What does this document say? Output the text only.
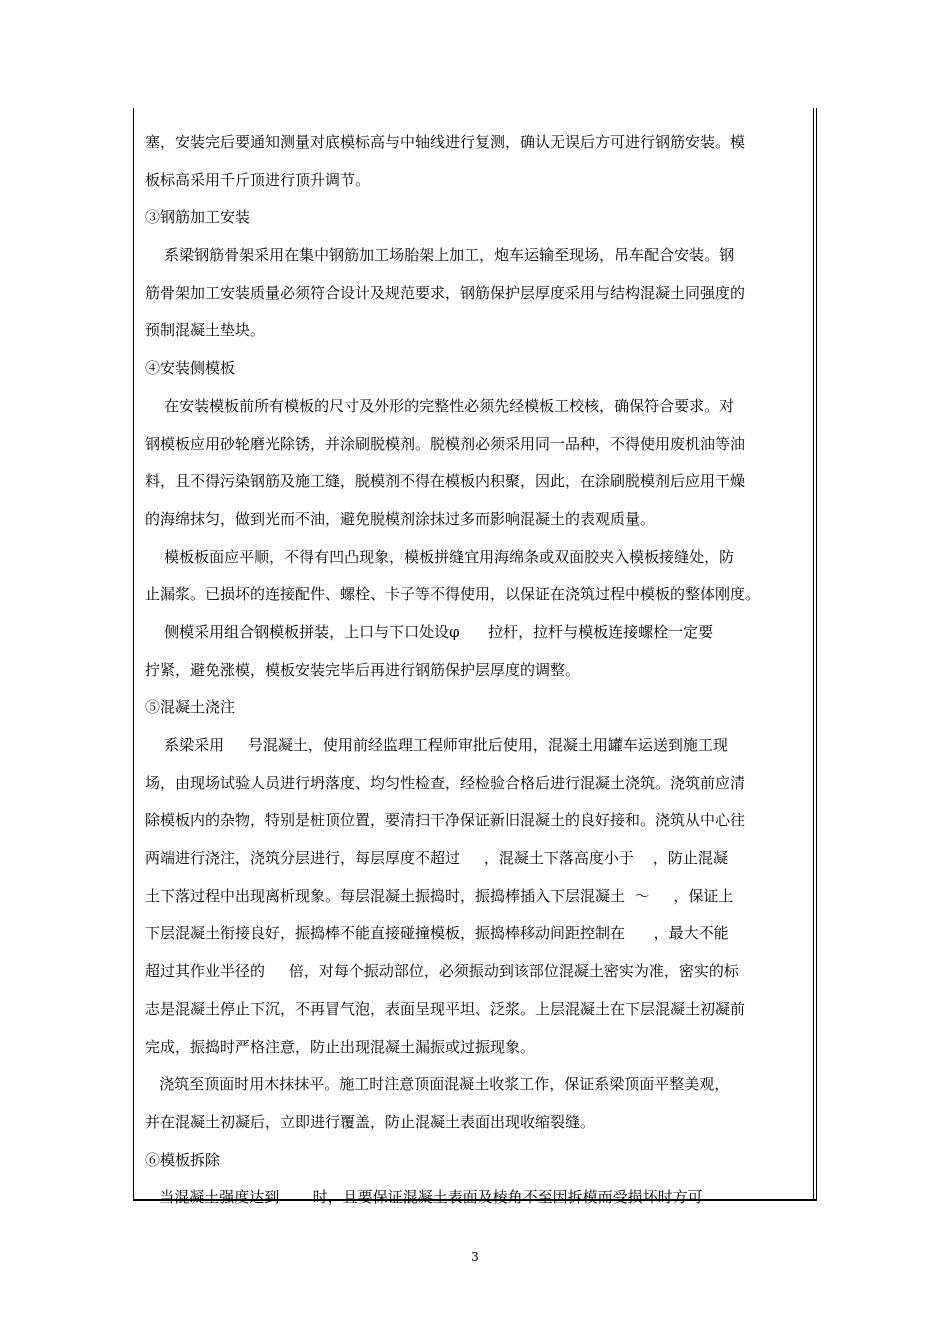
塞，安装完后要通知测量对底模标高与中轴线进行复测，确认无误后方可进行钢筋安装。模
板标高采用千斤顶进行顶升调节。
③钢筋加工安装
系梁钢筋骨架采用在集中钢筋加工场胎架上加工，炮车运输至现场，吊车配合安装。钢
筋骨架加工安装质量必须符合设计及规范要求，钢筋保护层厚度采用与结构混凝土同强度的
预制混凝土垫块。
④安装侧模板
在安装模板前所有模板的尺寸及外形的完整性必须先经模板工校核，确保符合要求。对
钢模板应用砂轮磨光除锈，并涂刷脱模剂。脱模剂必须采用同一品种，不得使用废机油等油
料，且不得污染钢筋及施工缝，脱模剂不得在模板内积聚，因此，在涂刷脱模剂后应用干燥
的海绵抹匀，做到光而不油，避免脱模剂涂抹过多而影响混凝土的表观质量。
模板板面应平顺，不得有凹凸现象，模板拼缝宜用海绵条或双面胶夹入模板接缝处，防
止漏浆。已损坏的连接配件、螺栓、卡子等不得使用，以保证在浇筑过程中模板的整体刚度。
侧模采用组合钢模板拼装，上口与下口处设φ      拉杆，拉杆与模板连接螺栓一定要
拧紧，避免涨模，模板安装完毕后再进行钢筋保护层厚度的调整。
⑤混凝土浇注
系梁采用     号混凝土，使用前经监理工程师审批后使用，混凝土用罐车运送到施工现
场，由现场试验人员进行坍落度、均匀性检查，经检验合格后进行混凝土浇筑。浇筑前应清
除模板内的杂物，特别是桩顶位置，要清扫干净保证新旧混凝土的良好接和。浇筑从中心往
两端进行浇注，浇筑分层进行，每层厚度不超过     ，混凝土下落高度小于    ，防止混凝
土下落过程中出现离析现象。每层混凝土振捣时，振捣棒插入下层混凝土  ～     ，保证上
下层混凝土衔接良好，振捣棒不能直接碰撞模板，振捣棒移动间距控制在      ，最大不能
超过其作业半径的     倍，对每个振动部位，必须振动到该部位混凝土密实为准，密实的标
志是混凝土停止下沉，不再冒气泡，表面呈现平坦、泛浆。上层混凝土在下层混凝土初凝前
完成，振捣时严格注意，防止出现混凝土漏振或过振现象。
浇筑至顶面时用木抹抹平。施工时注意顶面混凝土收浆工作，保证系梁顶面平整美观，
并在混凝土初凝后，立即进行覆盖，防止混凝土表面出现收缩裂缝。
⑥模板拆除
当混凝土强度达到       时，且要保证混凝土表面及棱角不至因拆模而受损坏时方可
3
